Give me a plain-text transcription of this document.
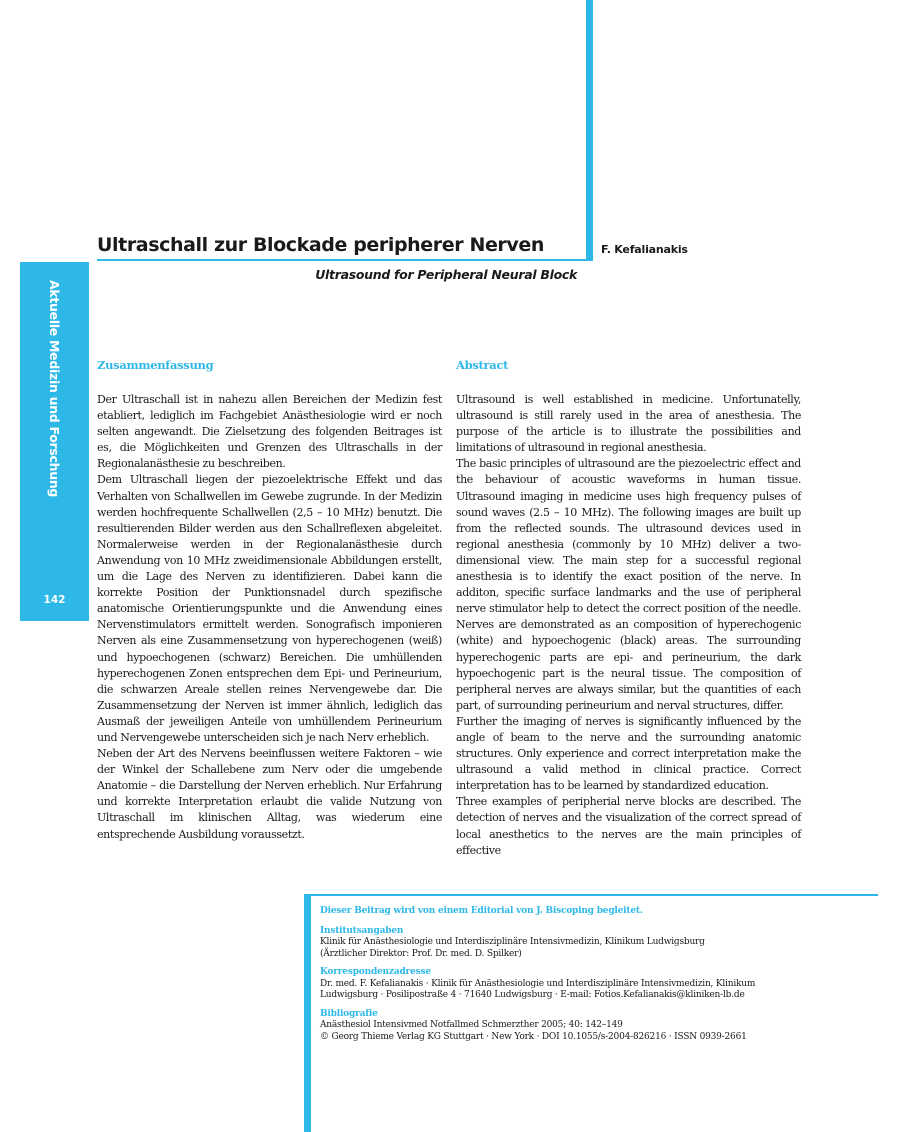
Ultraschall zur Blockade peripherer Nerven	F. Kefalianakis
Ultrasound for Peripheral Neural Block
Aktuelle Medizin und Forschung
142
Zusammenfassung

Der Ultraschall ist in nahezu allen Bereichen der Medizin fest etabliert, lediglich im Fachgebiet Anästhesiologie wird er noch selten angewandt. Die Zielsetzung des folgenden Beitrages ist es, die Möglichkeiten und Grenzen des Ultraschalls in der Regionalanästhesie zu beschreiben.

Dem Ultraschall liegen der piezoelektrische Effekt und das Verhalten von Schallwellen im Gewebe zugrunde. In der Medizin werden hochfrequente Schallwellen (2,5 – 10 MHz) benutzt. Die resultierenden Bilder werden aus den Schallreflexen abgeleitet. Normalerweise werden in der Regionalanästhesie durch Anwendung von 10 MHz zweidimensionale Abbildungen erstellt, um die Lage des Nerven zu identifizieren. Dabei kann die korrekte Position der Punktionsnadel durch spezifische anatomische Orientierungspunkte und die Anwendung eines Nervenstimulators ermittelt werden. Sonografisch imponieren Nerven als eine Zusammensetzung von hyperechogenen (weiß) und hypoechogenen (schwarz) Bereichen. Die umhüllenden hyperechogenen Zonen entsprechen dem Epi- und Perineurium, die schwarzen Areale stellen reines Nervengewebe dar. Die Zusammensetzung der Nerven ist immer ähnlich, lediglich das Ausmaß der jeweiligen Anteile von umhüllendem Perineurium und Nervengewebe unterscheiden sich je nach Nerv erheblich.

Neben der Art des Nervens beeinflussen weitere Faktoren – wie der Winkel der Schallebene zum Nerv oder die umgebende Anatomie – die Darstellung der Nerven erheblich. Nur Erfahrung und korrekte Interpretation erlaubt die valide Nutzung von Ultraschall im klinischen Alltag, was wiederum eine entsprechende Ausbildung voraussetzt.

Abstract

Ultrasound is well established in medicine. Unfortunatelly, ultrasound is still rarely used in the area of anesthesia. The purpose of the article is to illustrate the possibilities and limitations of ultrasound in regional anesthesia.

The basic principles of ultrasound are the piezoelectric effect and the behaviour of acoustic waveforms in human tissue. Ultrasound imaging in medicine uses high frequency pulses of sound waves (2.5 – 10 MHz). The following images are built up from the reflected sounds. The ultrasound devices used in regional anesthesia (commonly by 10 MHz) deliver a two-dimensional view. The main step for a successful regional anesthesia is to identify the exact position of the nerve. In additon, specific surface landmarks and the use of peripheral nerve stimulator help to detect the correct position of the needle. Nerves are demonstrated as an composition of hyperechogenic (white) and hypoechogenic (black) areas. The surrounding hyperechogenic parts are epi- and perineurium, the dark hypoechogenic part is the neural tissue. The composition of peripheral nerves are always similar, but the quantities of each part, of surrounding perineurium and nerval structures, differ.

Further the imaging of nerves is significantly influenced by the angle of beam to the nerve and the surrounding anatomic structures. Only experience and correct interpretation make the ultrasound a valid method in clinical practice. Correct interpretation has to be learned by standardized education.

Three examples of peripherial nerve blocks are described. The detection of nerves and the visualization of the correct spread of local anesthetics to the nerves are the main principles of effective

Dieser Beitrag wird von einem Editorial von J. Biscoping begleitet.
Institutsangaben
Klinik für Anästhesiologie und Interdisziplinäre Intensivmedizin, Klinikum Ludwigsburg
(Ärztlicher Direktor: Prof. Dr. med. D. Spilker)
Korrespondenzadresse
Dr. med. F. Kefalianakis · Klinik für Anästhesiologie und Interdisziplinäre Intensivmedizin, Klinikum
Ludwigsburg · Posilipostraße 4 · 71640 Ludwigsburg · E-mail: Fotios.Kefalianakis@kliniken-lb.de
Bibliografie
Anästhesiol Intensivmed Notfallmed Schmerzther 2005; 40: 142–149
© Georg Thieme Verlag KG Stuttgart · New York · DOI 10.1055/s-2004-826216 · ISSN 0939-2661
